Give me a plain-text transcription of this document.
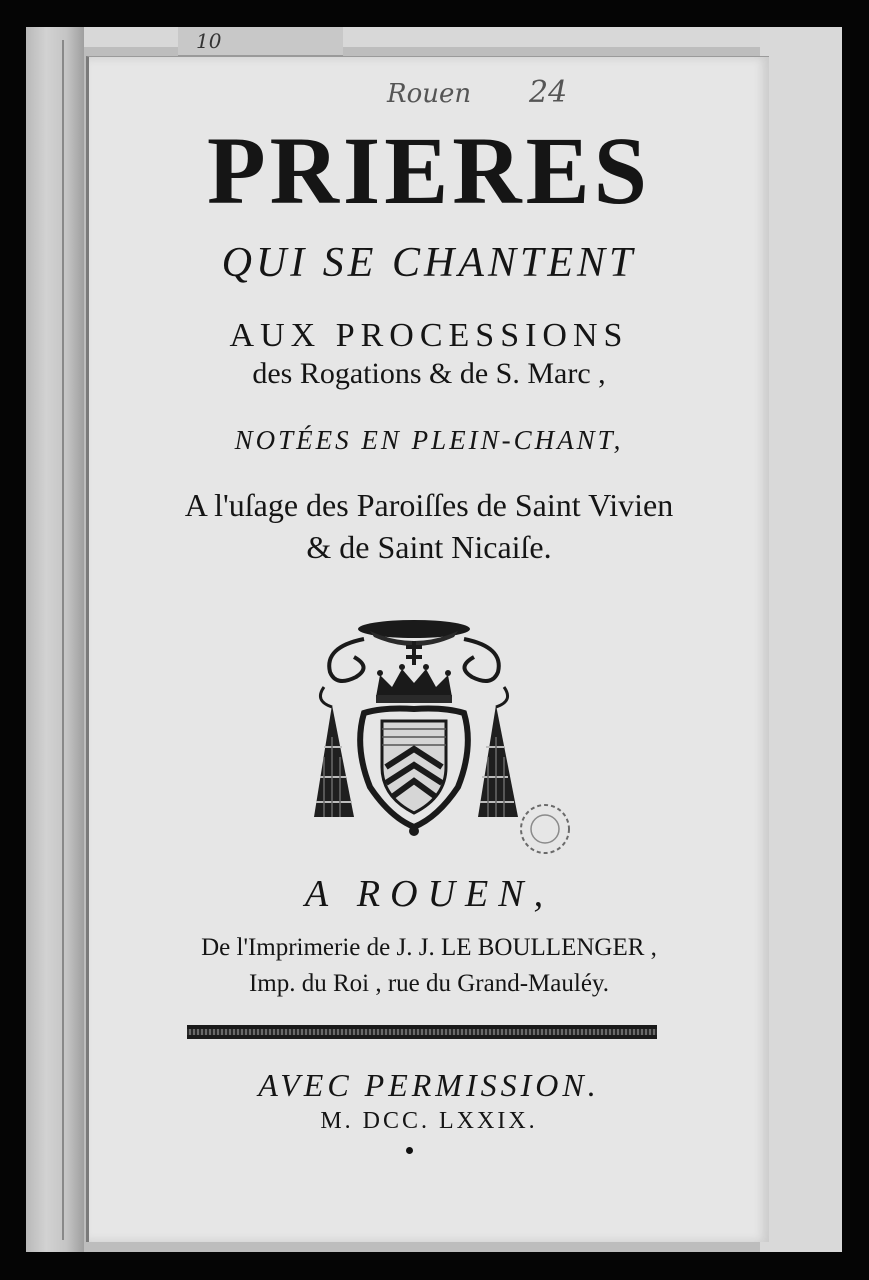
10
Rouen 24
PRIERES
QUI SE CHANTENT
AUX PROCESSIONS
des Rogations & de S. Marc ,
NOTÉES EN PLEIN-CHANT,
A l'uſage des Paroiſſes de Saint Vivien
& de Saint Nicaiſe.
A ROUEN,
De l'Imprimerie de J. J. LE BOULLENGER ,
Imp. du Roi , rue du Grand-Mauléy.
AVEC PERMISSION.
M. DCC. LXXIX.
